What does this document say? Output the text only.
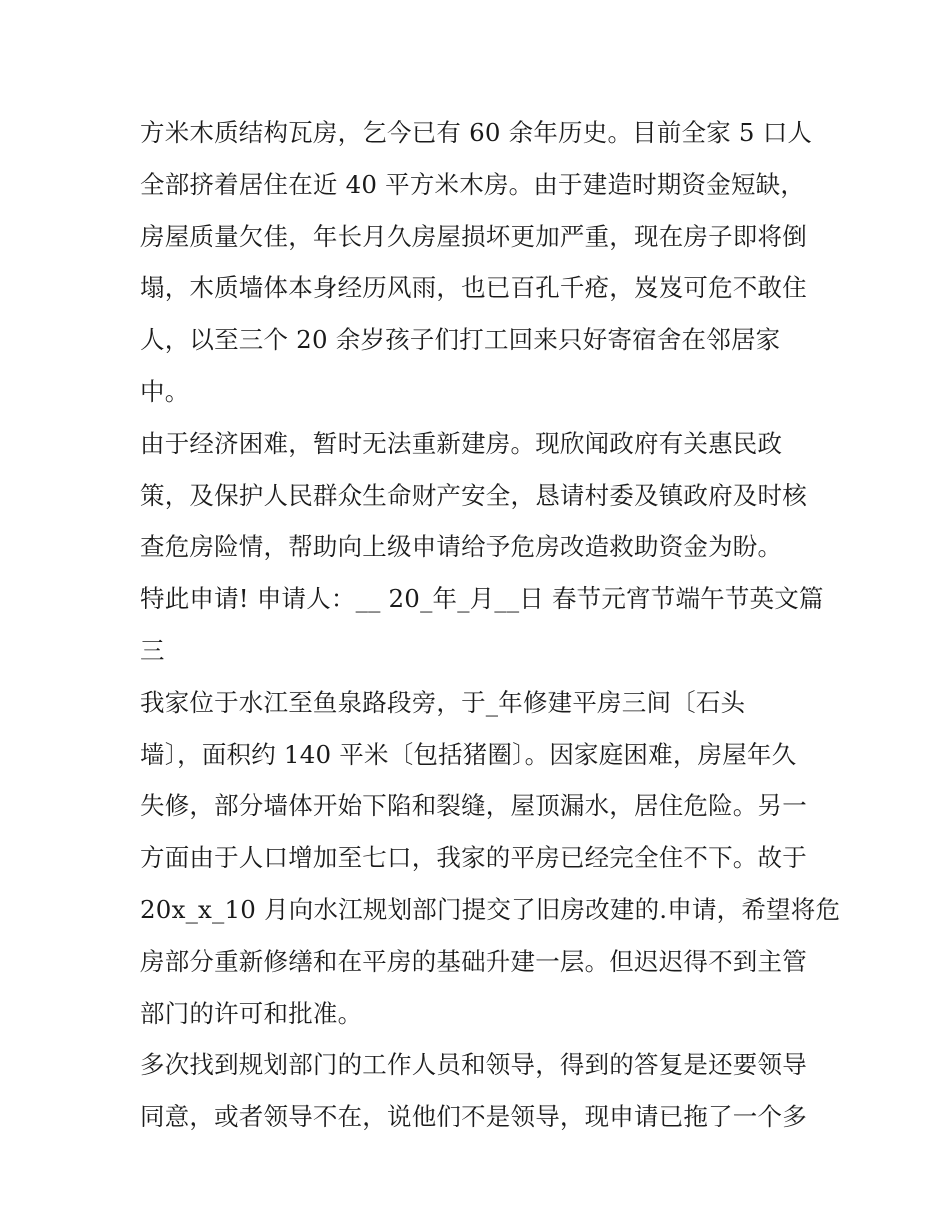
方米木质结构瓦房，乞今已有 60 余年历史。目前全家 5 口人
全部挤着居住在近 40 平方米木房。由于建造时期资金短缺，
房屋质量欠佳，年长月久房屋损坏更加严重，现在房子即将倒
塌，木质墙体本身经历风雨，也已百孔千疮，岌岌可危不敢住
人，以至三个 20 余岁孩子们打工回来只好寄宿舍在邻居家
中。
由于经济困难，暂时无法重新建房。现欣闻政府有关惠民政
策，及保护人民群众生命财产安全，恳请村委及镇政府及时核
查危房险情，帮助向上级申请给予危房改造救助资金为盼。
特此申请! 申请人：__ 20_年_月__日 春节元宵节端午节英文篇
三
我家位于水江至鱼泉路段旁，于_年修建平房三间〔石头
墙〕，面积约 140 平米〔包括猪圈〕。因家庭困难，房屋年久
失修，部分墙体开始下陷和裂缝，屋顶漏水，居住危险。另一
方面由于人口增加至七口，我家的平房已经完全住不下。故于
20x_x_10 月向水江规划部门提交了旧房改建的.申请，希望将危
房部分重新修缮和在平房的基础升建一层。但迟迟得不到主管
部门的许可和批准。
多次找到规划部门的工作人员和领导，得到的答复是还要领导
同意，或者领导不在，说他们不是领导，现申请已拖了一个多
